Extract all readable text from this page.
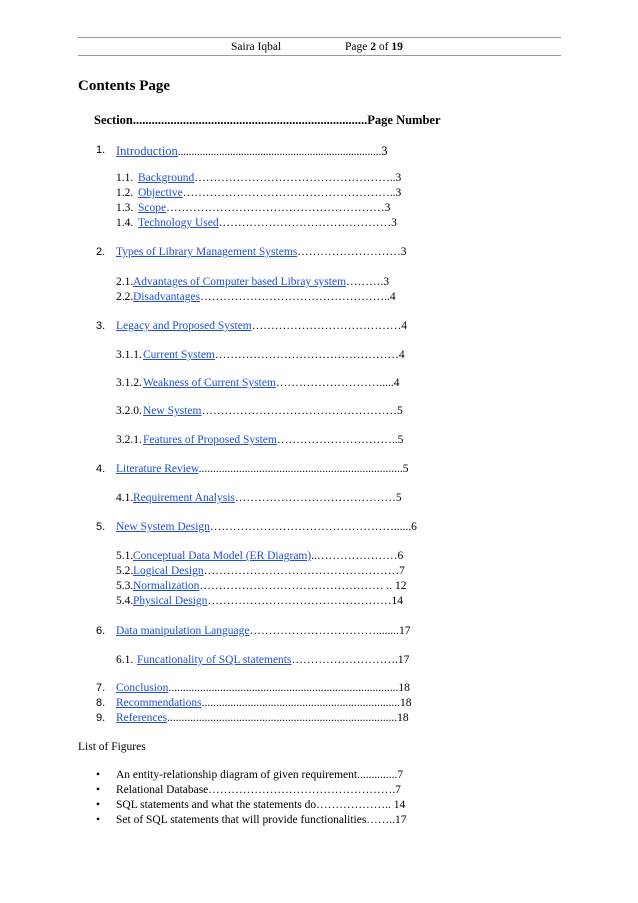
Saira Iqbal	Page 2 of 19
Contents Page
Section...........................................................................Page Number
1. Introduction..........................................................................3
1.1. Background……………………………………………..3
1.2. Objective………………………………………………..3
1.3. Scope…………………………………………………3
1.4. Technology Used………………………………………3
2. Types of Library Management Systems………………………3
2.1. Advantages of Computer based Libray system……….3
2.2. Disadvantages…………………………………………..4
3. Legacy and Proposed System…………………………………4
3.1.1. Current System…………………………………………4
3.1.2. Weakness of Current System……………………….....4
3.2.0. New System……………………………………………5
3.2.1. Features of Proposed System…………………………..5
4. Literature Review.......................................................................5
4.1. Requirement Analysis……………………………………5
5. New System Design…………………………………………......6
5.1. Conceptual Data Model (ER Diagram)..…………………6
5.2. Logical Design……………………………………………7
5.3. Normalization………………………………………… .. 12
5.4. Physical Design…………………………………………14
6. Data manipulation Language……………………………........17
6.1. Funcationality of SQL statements……………………….17
7. Conclusion................................................................................18
8. Recommendations.....................................................................18
9. References................................................................................18
List of Figures
• An entity-relationship diagram of given requirement..............7
• Relational Database………………………………………….7
• SQL statements and what the statements do……………….. 14
• Set of SQL statements that will provide functionalities……..17
